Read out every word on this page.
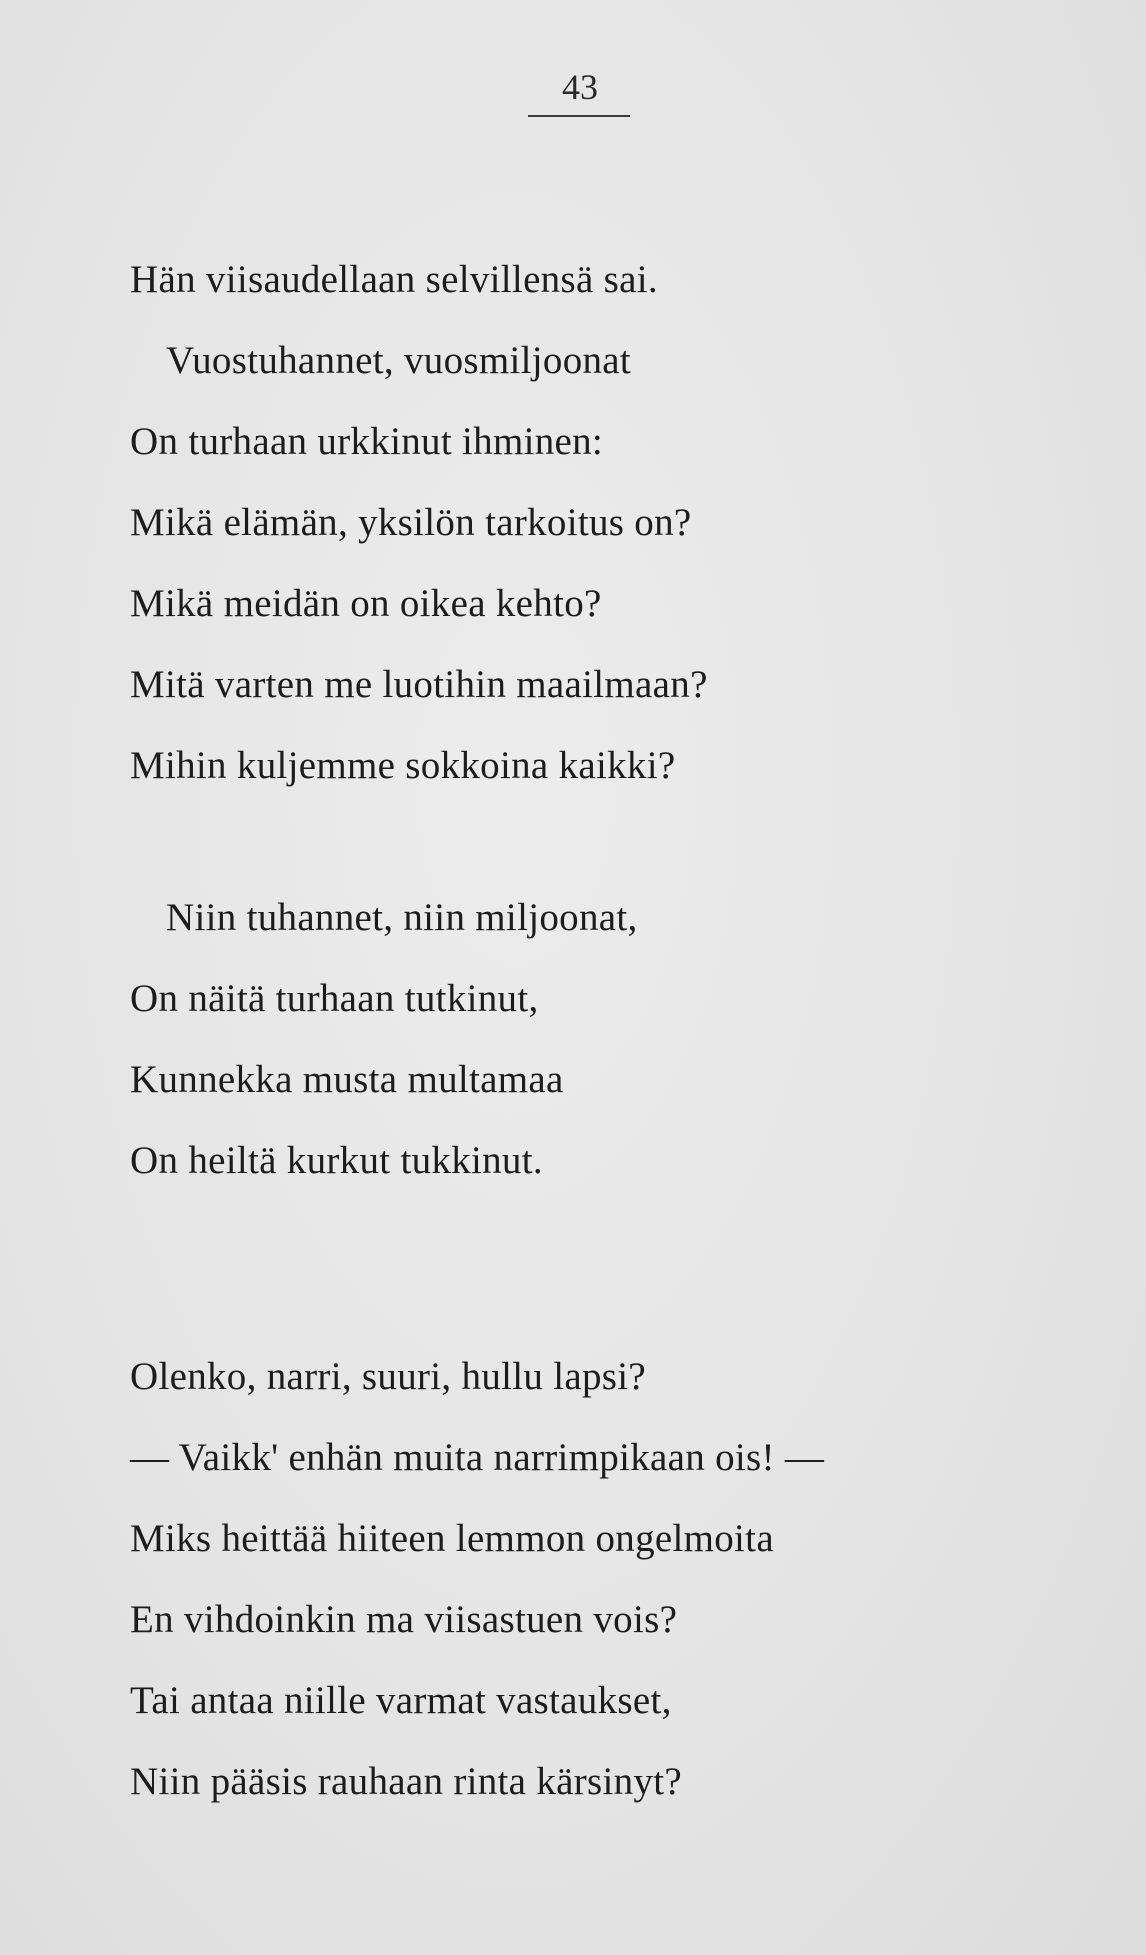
43
Hän viisaudellaan selvillensä sai.
Vuostuhannet, vuosmiljoonat
On turhaan urkkinut ihminen:
Mikä elämän, yksilön tarkoitus on?
Mikä meidän on oikea kehto?
Mitä varten me luotihin maailmaan?
Mihin kuljemme sokkoina kaikki?
Niin tuhannet, niin miljoonat,
On näitä turhaan tutkinut,
Kunnekka musta multamaa
On heiltä kurkut tukkinut.
Olenko, narri, suuri, hullu lapsi?
— Vaikk' enhän muita narrimpikaan ois! —
Miks heittää hiiteen lemmon ongelmoita
En vihdoinkin ma viisastuen vois?
Tai antaa niille varmat vastaukset,
Niin pääsis rauhaan rinta kärsinyt?
